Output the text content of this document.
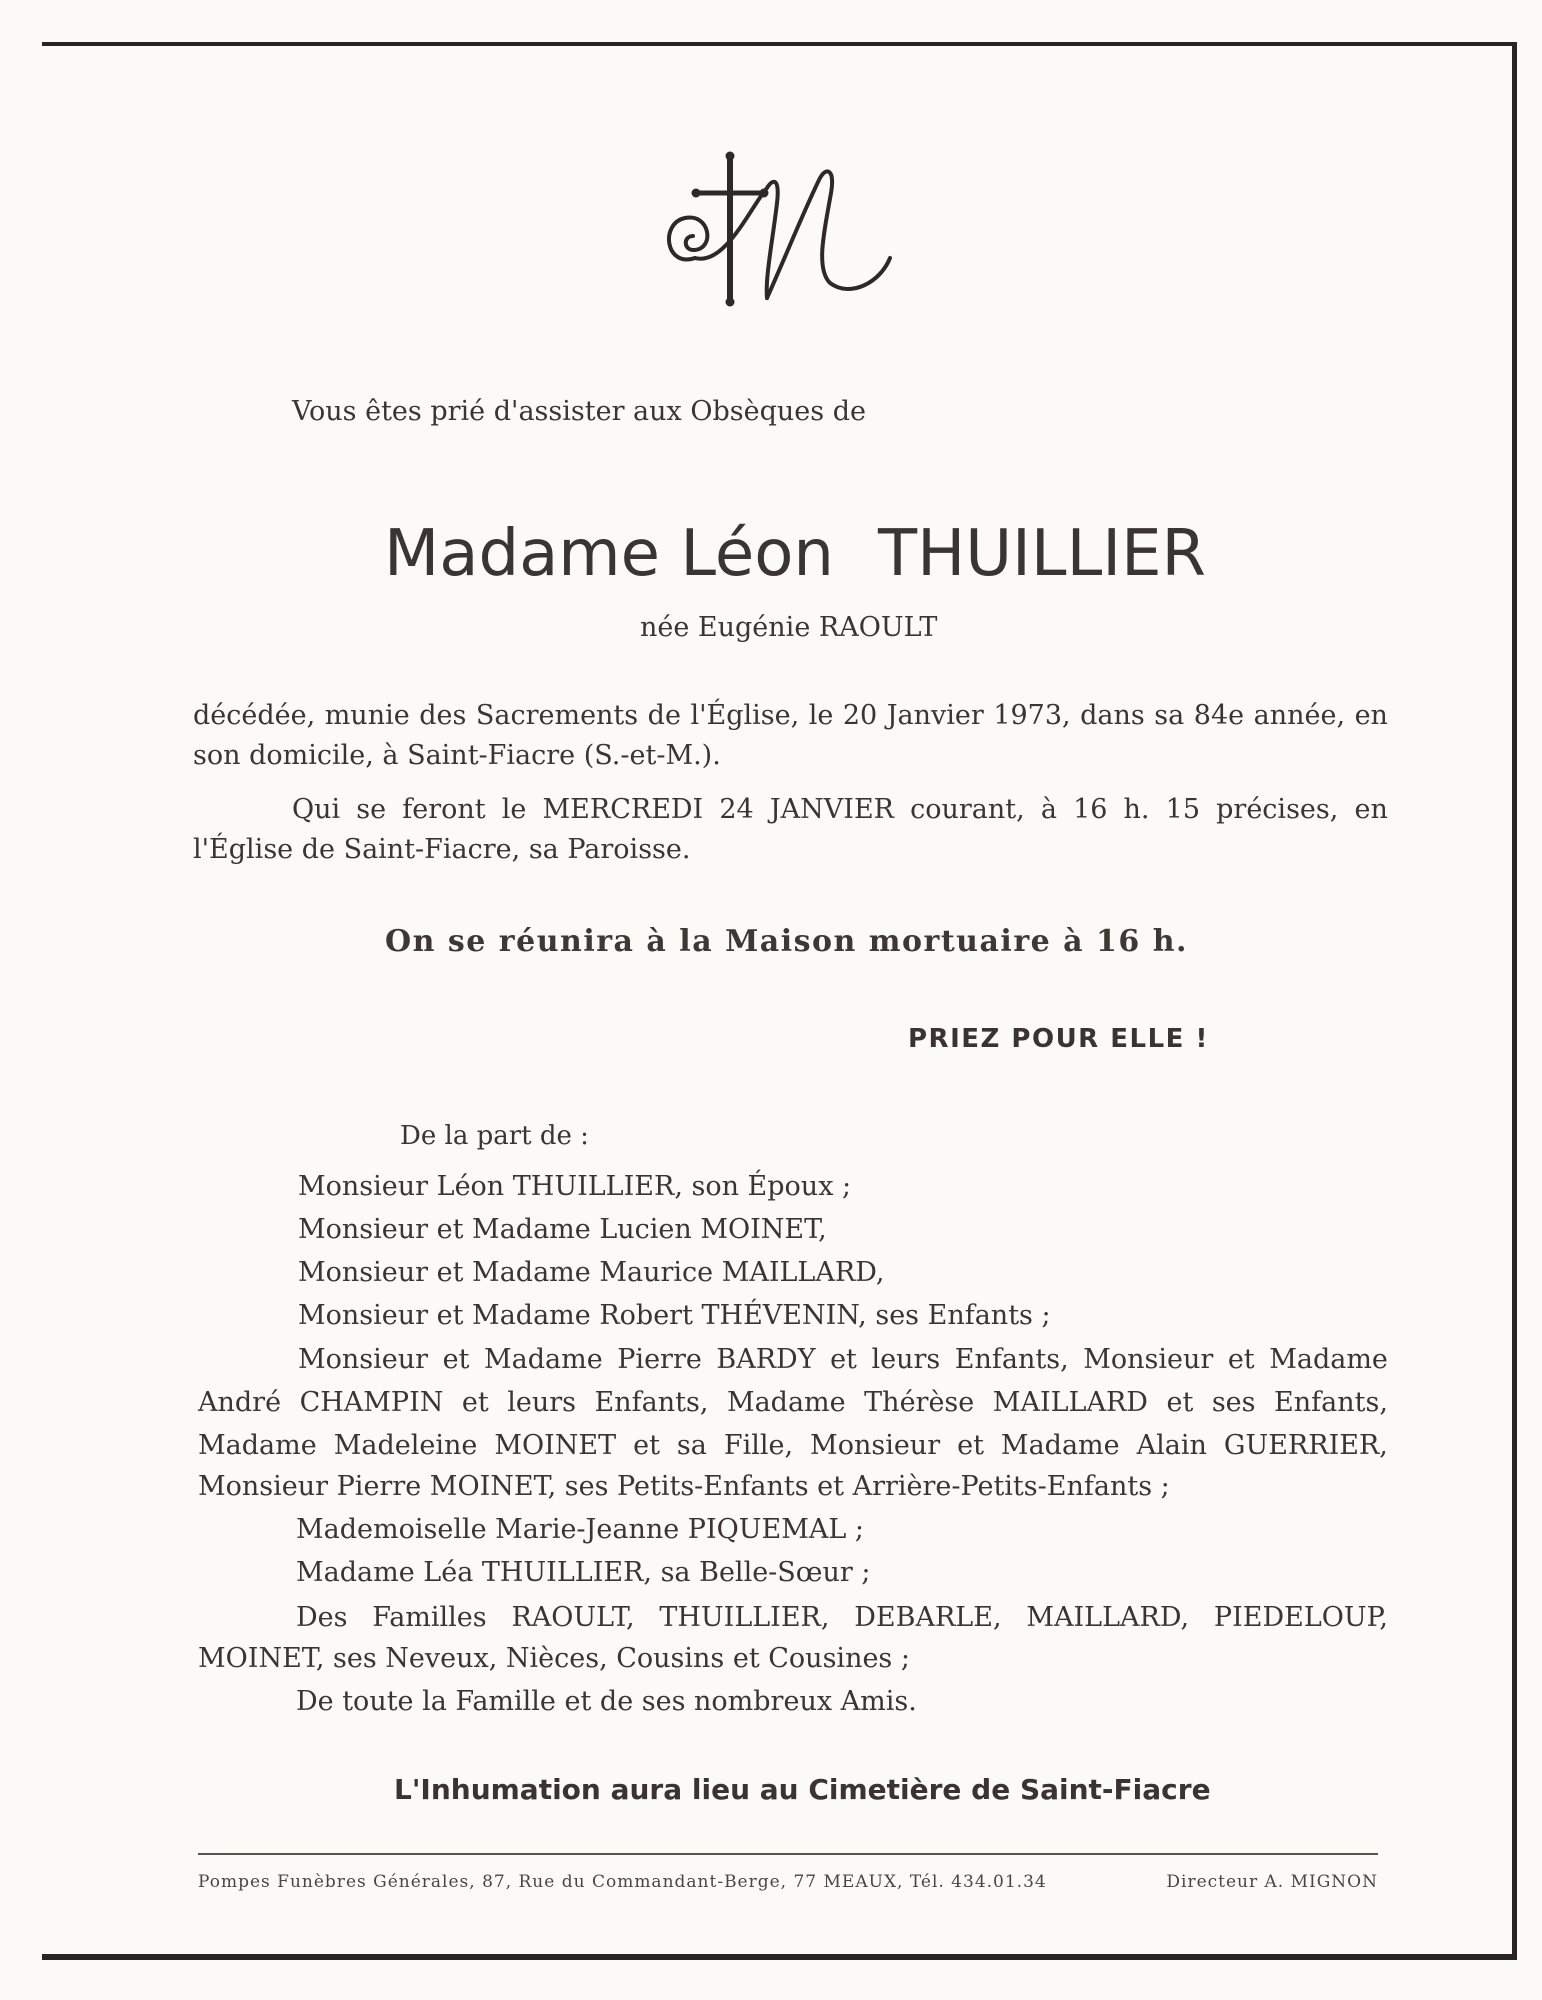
Vous êtes prié d'assister aux Obsèques de
Madame Léon THUILLIER
née Eugénie RAOULT
décédée, munie des Sacrements de l'Église, le 20 Janvier 1973, dans sa 84e année, en
son domicile, à Saint-Fiacre (S.-et-M.).
Qui se feront le MERCREDI 24 JANVIER courant, à 16 h. 15 précises, en
l'Église de Saint-Fiacre, sa Paroisse.
On se réunira à la Maison mortuaire à 16 h.
PRIEZ POUR ELLE !
De la part de :
Monsieur Léon THUILLIER, son Époux ;
Monsieur et Madame Lucien MOINET,
Monsieur et Madame Maurice MAILLARD,
Monsieur et Madame Robert THÉVENIN, ses Enfants ;
Monsieur et Madame Pierre BARDY et leurs Enfants, Monsieur et Madame
André CHAMPIN et leurs Enfants, Madame Thérèse MAILLARD et ses Enfants,
Madame Madeleine MOINET et sa Fille, Monsieur et Madame Alain GUERRIER,
Monsieur Pierre MOINET, ses Petits-Enfants et Arrière-Petits-Enfants ;
Mademoiselle Marie-Jeanne PIQUEMAL ;
Madame Léa THUILLIER, sa Belle-Sœur ;
Des Familles RAOULT, THUILLIER, DEBARLE, MAILLARD, PIEDELOUP,
MOINET, ses Neveux, Nièces, Cousins et Cousines ;
De toute la Famille et de ses nombreux Amis.
L'Inhumation aura lieu au Cimetière de Saint-Fiacre
Pompes Funèbres Générales, 87, Rue du Commandant-Berge, 77 MEAUX, Tél. 434.01.34	Directeur A. MIGNON
